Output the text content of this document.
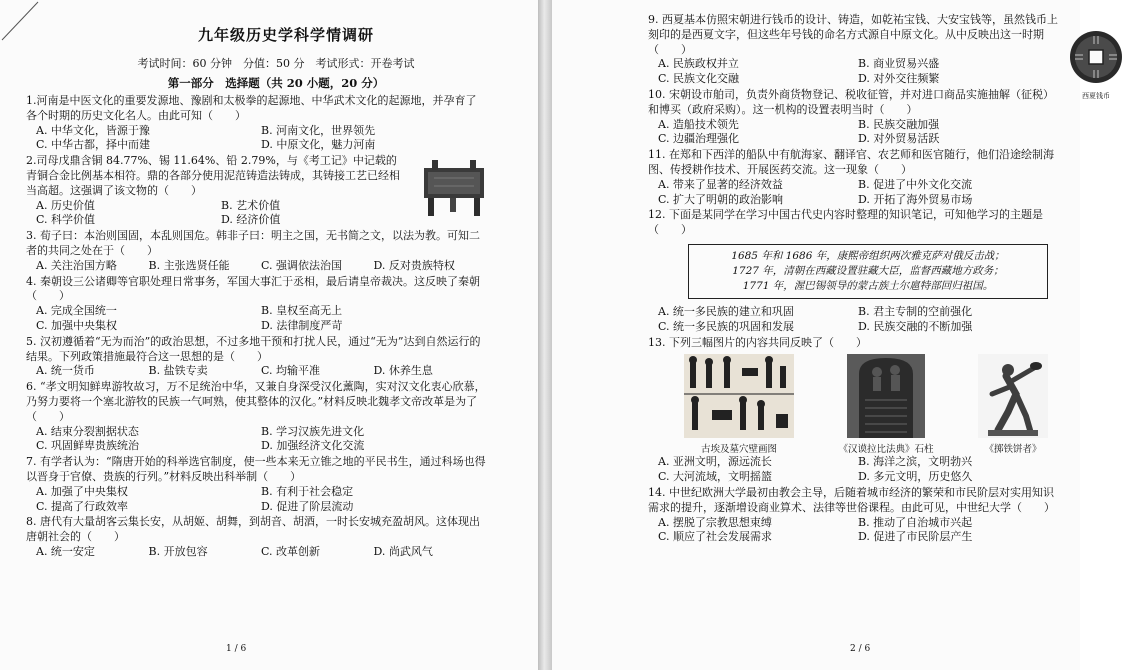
九年级历史学科学情调研
考试时间：60 分钟　分值：50 分　考试形式：开卷考试
第一部分　选择题（共 20 小题，20 分）
1.河南是中医文化的重要发源地、豫剧和太极拳的起源地、中华武术文化的起源地，并孕育了各个时期的历史文化名人。由此可知（　　）
A. 中华文化，皆源于豫	B. 河南文化，世界领先
C. 中华古都，择中而建	D. 中原文化，魅力河南
2.司母戊鼎含铜 84.77%、锡 11.64%、铅 2.79%，与《考工记》中记载的青铜合金比例基本相符。鼎的各部分使用泥范铸造法铸成，其铸接工艺已经相当高超。这强调了该文物的（　　）
A. 历史价值	B. 艺术价值
C. 科学价值	D. 经济价值
3. 荀子曰：本治则国固，本乱则国危。韩非子曰：明主之国，无书简之文，以法为教。可知二者的共同之处在于（　　）
A. 关注治国方略	B. 主张选贤任能	C. 强调依法治国	D. 反对贵族特权
4. 秦朝设三公诸卿等官职处理日常事务，军国大事汇于丞相，最后请皇帝裁决。这反映了秦朝（　　）
A. 完成全国统一	B. 皇权至高无上
C. 加强中央集权	D. 法律制度严苛
5. 汉初遵循着“无为而治”的政治思想，不过多地干预和打扰人民，通过“无为”达到自然运行的结果。下列政策措施最符合这一思想的是（　　）
A. 统一货币	B. 盐铁专卖	C. 均输平准	D. 休养生息
6. “孝文明知鲜卑游牧故习，万不足统治中华，又兼自身深受汉化薰陶，实对汉文化衷心欣慕，乃努力要将一个塞北游牧的民族一气呵熟，使其整体的汉化。”材料反映北魏孝文帝改革是为了（　　）
A. 结束分裂割据状态	B. 学习汉族先进文化
C. 巩固鲜卑贵族统治	D. 加强经济文化交流
7. 有学者认为：“隋唐开始的科举选官制度，使一些本来无立锥之地的平民书生，通过科场也得以晋身于官僚、贵族的行列。”材料反映出科举制（　　）
A. 加强了中央集权	B. 有利于社会稳定
C. 提高了行政效率	D. 促进了阶层流动
8. 唐代有大量胡客云集长安，从胡姬、胡舞，到胡音、胡酒，一时长安城充盈胡风。这体现出唐朝社会的（　　）
A. 统一安定	B. 开放包容	C. 改革创新	D. 尚武风气
1 / 6
9. 西夏基本仿照宋朝进行钱币的设计、铸造，如乾祐宝钱、大安宝钱等，虽然钱币上刻印的是西夏文字，但这些年号钱的命名方式源自中原文化。从中反映出这一时期（　　）
A. 民族政权并立	B. 商业贸易兴盛
C. 民族文化交融	D. 对外交往频繁
西夏钱币
10. 宋朝设市舶司，负责外商货物登记、税收征管，并对进口商品实施抽解（征税）和博买（政府采购）。这一机构的设置表明当时（　　）
A. 造船技术领先	B. 民族交融加强
C. 边疆治理强化	D. 对外贸易活跃
11. 在郑和下西洋的船队中有航海家、翻译官、农艺师和医官随行，他们沿途绘制海图、传授耕作技术、开展医药交流。这一现象（　　）
A. 带来了显著的经济效益	B. 促进了中外文化交流
C. 扩大了明朝的政治影响	D. 开拓了海外贸易市场
12. 下面是某同学在学习中国古代史内容时整理的知识笔记，可知他学习的主题是（　　）
1685 年和 1686 年，康熙帝组织两次雅克萨对俄反击战；
1727 年，清朝在西藏设置驻藏大臣，监督西藏地方政务；
1771 年，渥巴锡领导的蒙古族土尔扈特部回归祖国。
A. 统一多民族的建立和巩固	B. 君主专制的空前强化
C. 统一多民族的巩固和发展	D. 民族交融的不断加强
13. 下列三幅图片的内容共同反映了（　　）
古埃及墓穴壁画图	《汉谟拉比法典》石柱	《掷铁饼者》
A. 亚洲文明，源远流长	B. 海洋之滨，文明勃兴
C. 大河流域，文明摇篮	D. 多元文明，历史悠久
14. 中世纪欧洲大学最初由教会主导，后随着城市经济的繁荣和市民阶层对实用知识需求的提升，逐渐增设商业算术、法律等世俗课程。由此可见，中世纪大学（　　）
A. 摆脱了宗教思想束缚	B. 推动了自治城市兴起
C. 顺应了社会发展需求	D. 促进了市民阶层产生
2 / 6
